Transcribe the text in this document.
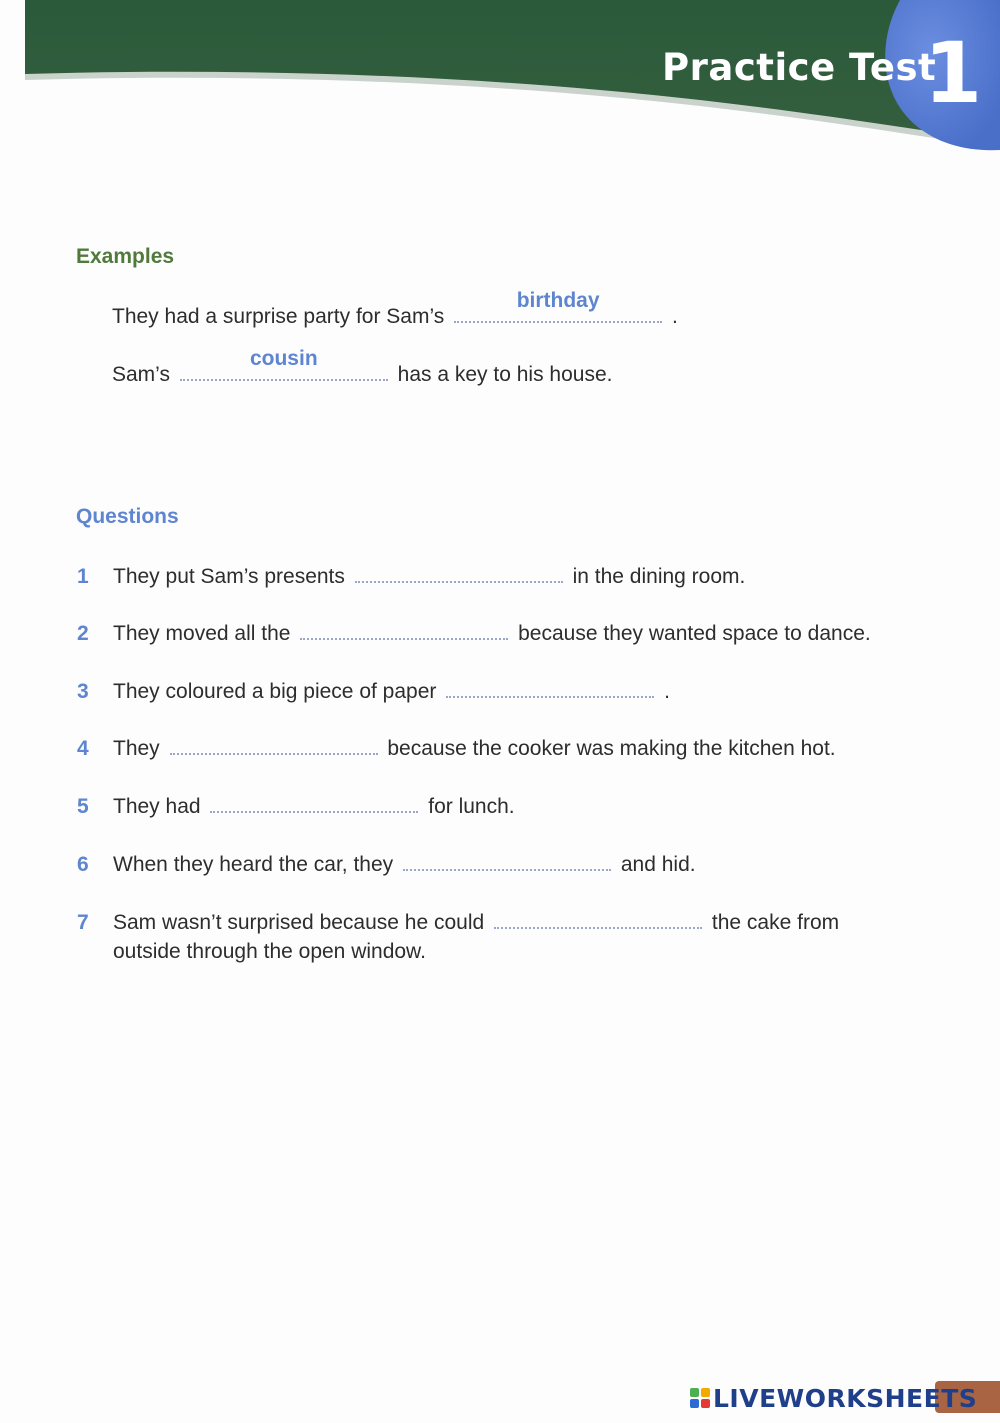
Practice Test
1
Examples
They had a surprise party for Sam’s
birthday
.
Sam’s
cousin
has a key to his house.
Questions
1 They put Sam’s presents	in the dining room.
2 They moved all the	because they wanted space to dance.
3 They coloured a big piece of paper	.
4 They	because the cooker was making the kitchen hot.
5 They had	for lunch.
6 When they heard the car, they	and hid.
7 Sam wasn’t surprised because he could	the cake from
outside through the open window.
LIVEWORKSHEETS
